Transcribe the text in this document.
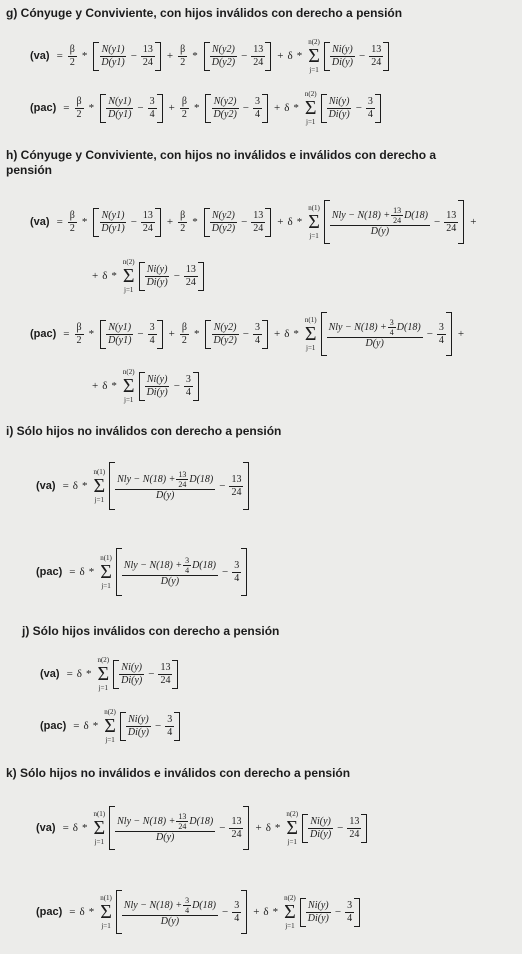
g) Cónyuge y Conviviente, con hijos inválidos con derecho a pensión
$(va) = \frac{\beta}{2} * \frac{N(y1)}{D(y1)} - \frac{13}{24} + \frac{\beta}{2} * \frac{N(y2)}{D(y2)} - \frac{13}{24} + \delta$ *
n(2)
Σ
j=1
$\frac{Ni(y)}{Di(y)} - \frac{13}{24}$
$(pac) = \frac{\beta}{2} * \frac{N(y1)}{D(y1)} - \frac{3}{4} + \frac{\beta}{2} * \frac{N(y2)}{D(y2)} - \frac{3}{4} + \delta$ *
n(2)
Σ
j=1
$\frac{Ni(y)}{Di(y)} - \frac{3}{4}$
h) Cónyuge y Conviviente, con hijos no inválidos e inválidos con derecho a
pensión
$(va) = \frac{\beta}{2} * \frac{N(y1)}{D(y1)} - \frac{13}{24} + \frac{\beta}{2} * \frac{N(y2)}{D(y2)} - \frac{13}{24} + \delta$ *
n(1)
Σ
$j=1 \frac{Nly - N(18) + \frac{13}{24} D(18)}{D(y)} - \frac{13}{24}$ +
+ δ *
n(2)
Σ
j=1
$\frac{Ni(y)}{Di(y)} - \frac{13}{24}$
$(pac) = \frac{\beta}{2} * \frac{N(y1)}{D(y1)} - \frac{3}{4} + \frac{\beta}{2} * \frac{N(y2)}{D(y2)} - \frac{3}{4} + \delta$ *
n(1)
Σ
$j=1 \frac{Nly - N(18) + \frac{3}{4} D(18)}{D(y)} - \frac{3}{4}$ +
+ δ *
n(2)
Σ
j=1
$\frac{Ni(y)}{Di(y)} - \frac{3}{4}$
i) Sólo hijos no inválidos con derecho a pensión
(va) = δ *
n(1)
Σ
$j=1 \frac{Nly - N(18) + \frac{13}{24} D(18)}{D(y)} - \frac{13}{24}$
(pac) = δ *
n(1)
Σ
$j=1 \frac{Nly - N(18) + \frac{3}{4} D(18)}{D(y)} - \frac{3}{4}$
j) Sólo hijos inválidos con derecho a pensión
(va) = δ *
n(2)
Σ
j=1
$\frac{Ni(y)}{Di(y)} - \frac{13}{24}$
(pac) = δ *
n(2)
Σ
j=1
$\frac{Ni(y)}{Di(y)} - \frac{3}{4}$
k) Sólo hijos no inválidos e inválidos con derecho a pensión
(va) = δ *
n(1)
Σ
$j=1 \frac{Nly - N(18) + \frac{13}{24} D(18)}{D(y)} - \frac{13}{24} + \delta$ *
n(2)
Σ
j=1
$\frac{Ni(y)}{Di(y)} - \frac{13}{24}$
(pac) = δ *
n(1)
Σ
$j=1 \frac{Nly - N(18) + \frac{3}{4} D(18)}{D(y)} - \frac{3}{4} + \delta$ *
n(2)
Σ
j=1
$\frac{Ni(y)}{Di(y)} - \frac{3}{4}$
